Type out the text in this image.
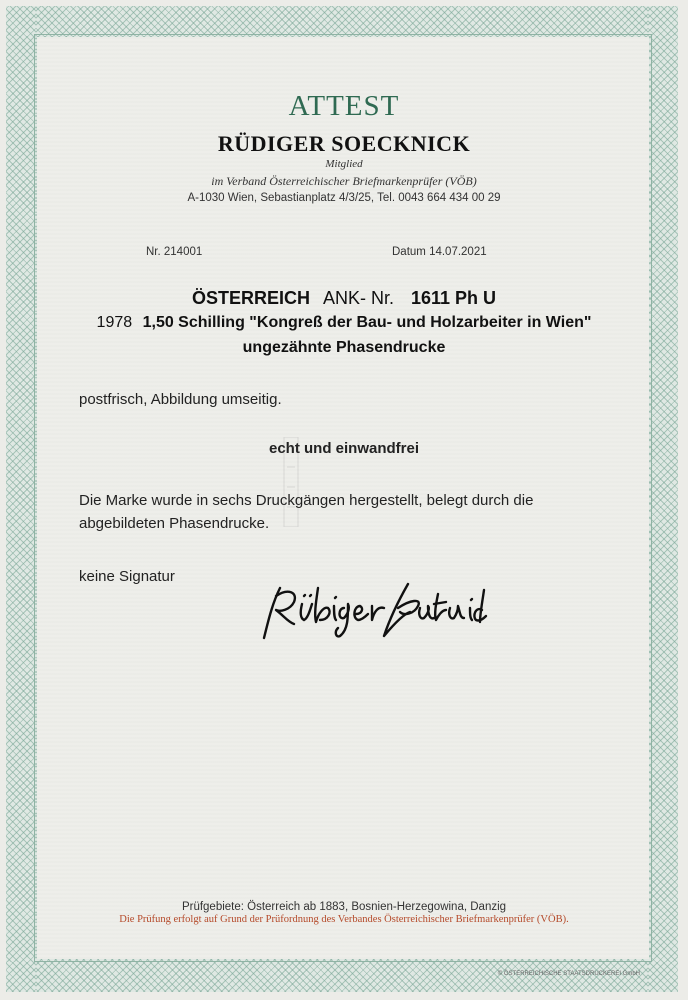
ATTEST
RÜDIGER SOECKNICK
Mitglied
im Verband Österreichischer Briefmarkenprüfer (VÖB)
A-1030 Wien, Sebastianplatz 4/3/25, Tel. 0043 664 434 00 29
Nr. 214001	Datum 14.07.2021
ÖSTERREICH ANK- Nr. 1611 Ph U
1978 1,50 Schilling "Kongreß der Bau- und Holzarbeiter in Wien"
ungezähnte Phasendrucke
postfrisch, Abbildung umseitig.
echt und einwandfrei
Die Marke wurde in sechs Druckgängen hergestellt, belegt durch die
abgebildeten Phasendrucke.
keine Signatur
Prüfgebiete: Österreich ab 1883, Bosnien-Herzegowina, Danzig
Die Prüfung erfolgt auf Grund der Prüfordnung des Verbandes Österreichischer Briefmarkenprüfer (VÖB).
© ÖSTERREICHISCHE STAATSDRUCKEREI GmbH
